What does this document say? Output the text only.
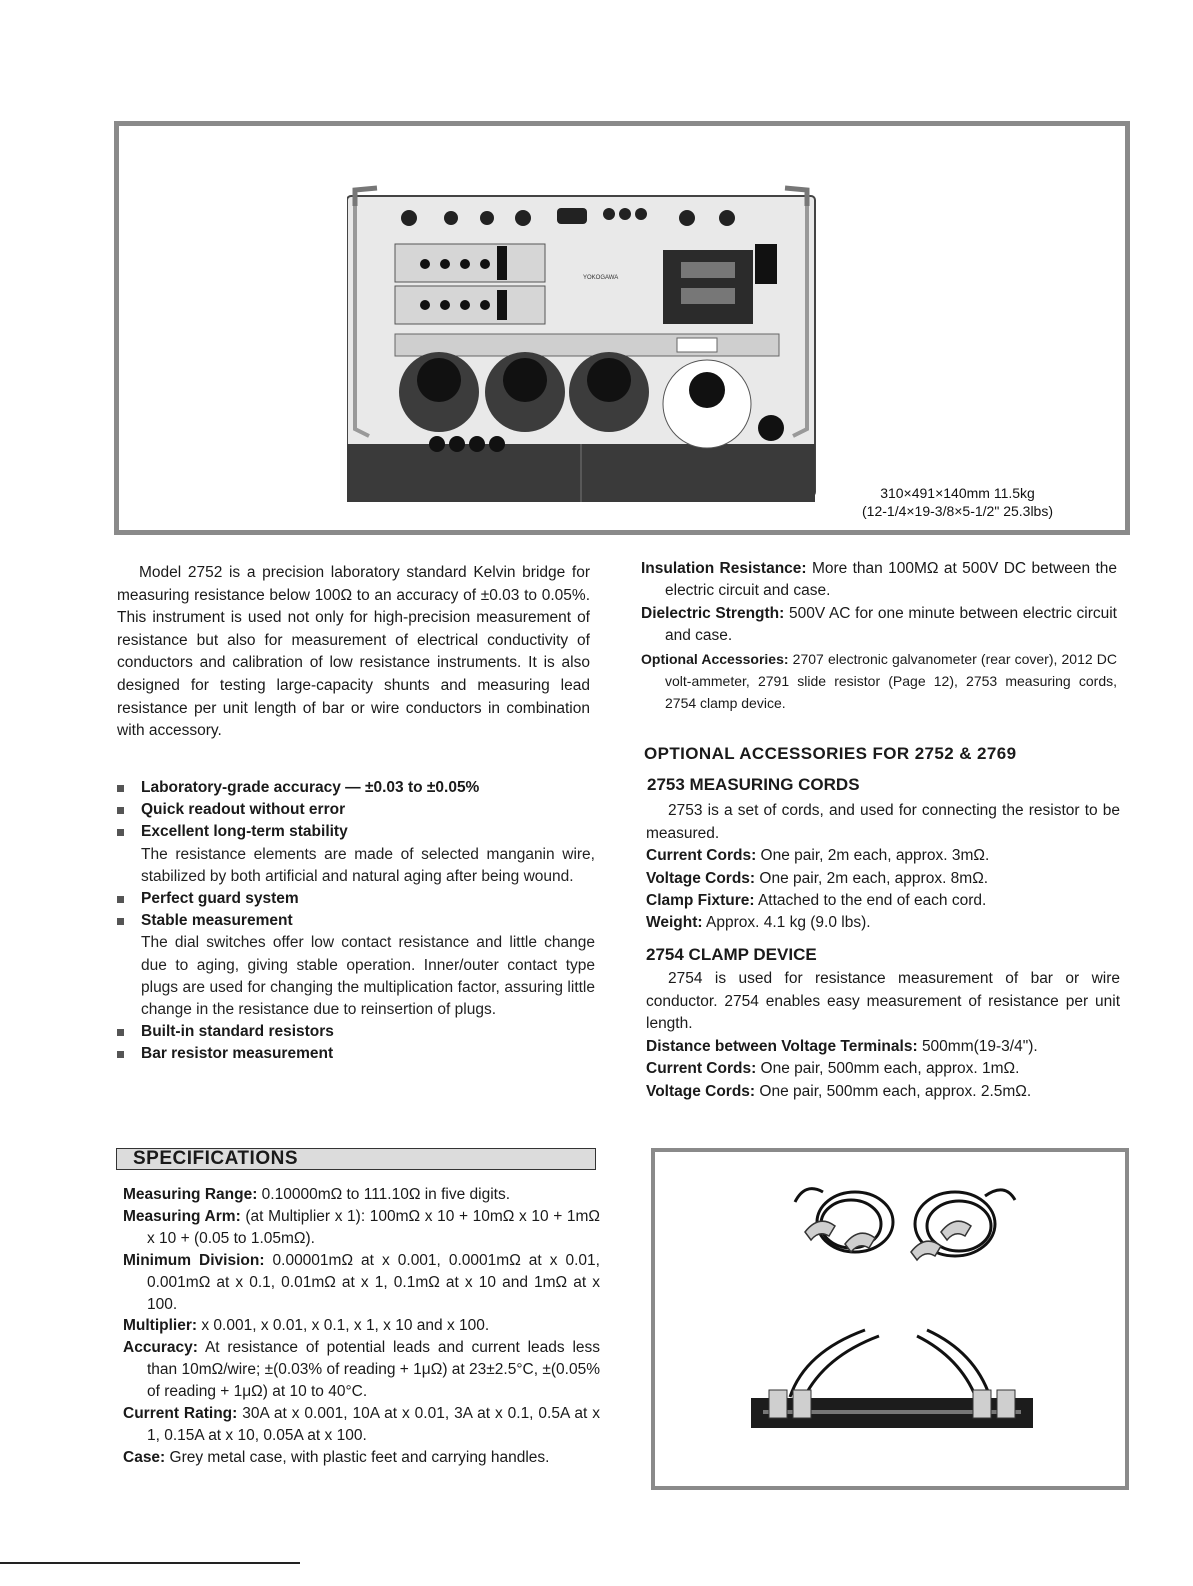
YOKOGAWA
310×491×140mm 11.5kg
(12-1/4×19-3/8×5-1/2" 25.3lbs)

Model 2752 is a precision laboratory standard Kelvin bridge for measuring resistance below 100Ω to an accuracy of ±0.03 to 0.05%. This instrument is used not only for high-precision measurement of resistance but also for measurement of electrical conductivity of conductors and calibration of low resistance instruments. It is also designed for testing large-capacity shunts and measuring lead resistance per unit length of bar or wire conductors in combination with accessory.

Laboratory-grade accuracy — ±0.03 to ±0.05%
Quick readout without error
Excellent long-term stability
The resistance elements are made of selected manganin wire, stabilized by both artificial and natural aging after being wound.
Perfect guard system
Stable measurement
The dial switches offer low contact resistance and little change due to aging, giving stable operation. Inner/outer contact type plugs are used for changing the multiplication factor, assuring little change in the resistance due to reinsertion of plugs.
Built-in standard resistors
Bar resistor measurement
SPECIFICATIONS

Measuring Range: 0.10000mΩ to 111.10Ω in five digits.

Measuring Arm: (at Multiplier x 1): 100mΩ x 10 + 10mΩ x 10 + 1mΩ x 10 + (0.05 to 1.05mΩ).

Minimum Division: 0.00001mΩ at x 0.001, 0.0001mΩ at x 0.01, 0.001mΩ at x 0.1, 0.01mΩ at x 1, 0.1mΩ at x 10 and 1mΩ at x 100.

Multiplier: x 0.001, x 0.01, x 0.1, x 1, x 10 and x 100.

Accuracy: At resistance of potential leads and current leads less than 10mΩ/wire; ±(0.03% of reading + 1μΩ) at 23±2.5°C, ±(0.05% of reading + 1μΩ) at 10 to 40°C.

Current Rating: 30A at x 0.001, 10A at x 0.01, 3A at x 0.1, 0.5A at x 1, 0.15A at x 10, 0.05A at x 100.

Case: Grey metal case, with plastic feet and carrying handles.

Insulation Resistance: More than 100MΩ at 500V DC between the electric circuit and case.

Dielectric Strength: 500V AC for one minute between electric circuit and case.

Optional Accessories: 2707 electronic galvanometer (rear cover), 2012 DC volt-ammeter, 2791 slide resistor (Page 12), 2753 measuring cords, 2754 clamp device.

OPTIONAL ACCESSORIES FOR 2752 & 2769
2753 MEASURING CORDS

2753 is a set of cords, and used for connecting the resistor to be measured.

Current Cords: One pair, 2m each, approx. 3mΩ.

Voltage Cords: One pair, 2m each, approx. 8mΩ.

Clamp Fixture: Attached to the end of each cord.

Weight: Approx. 4.1 kg (9.0 lbs).

2754 CLAMP DEVICE

2754 is used for resistance measurement of bar or wire conductor. 2754 enables easy measurement of resistance per unit length.

Distance between Voltage Terminals: 500mm(19-3/4").

Current Cords: One pair, 500mm each, approx. 1mΩ.

Voltage Cords: One pair, 500mm each, approx. 2.5mΩ.
